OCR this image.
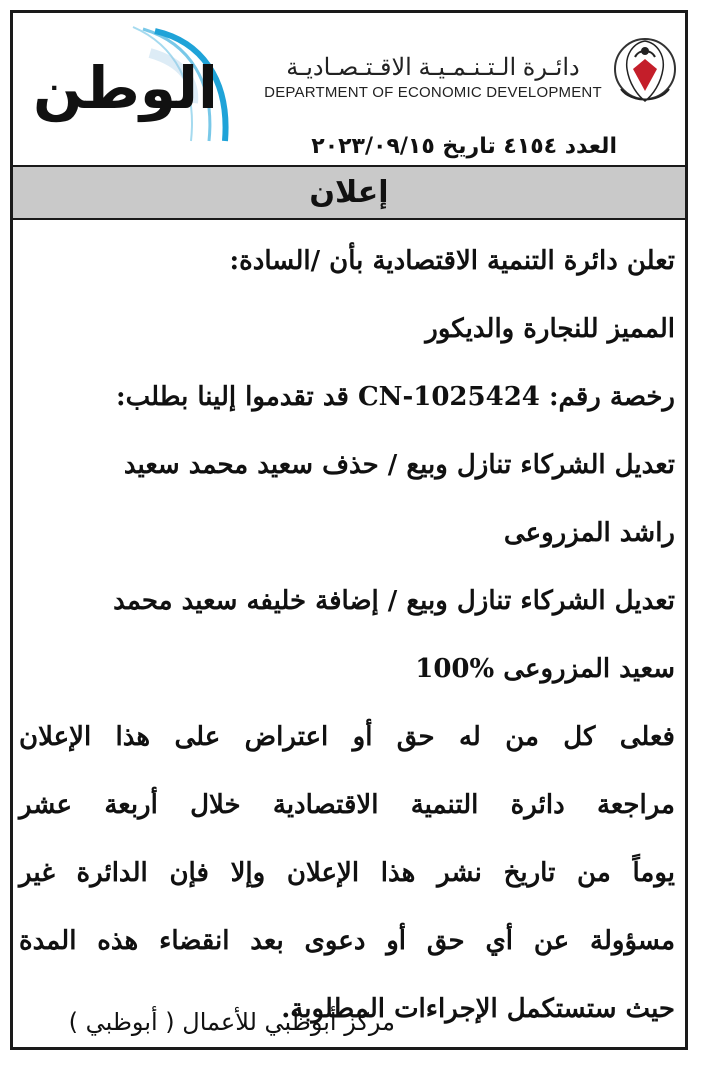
الوطن	دائـرة الـتـنـمـيـة الاقـتـصـاديـة
DEPARTMENT OF ECONOMIC DEVELOPMENT
العدد ٤١٥٤ تاريخ ٢٠٢٣/٠٩/١٥
إعلان
تعلن دائرة التنمية الاقتصادية بأن /السادة:
المميز للنجارة والديكور
رخصة رقم: CN-1025424 قد تقدموا إلينا بطلب:
تعديل الشركاء تنازل وبيع / حذف سعيد محمد سعيد
راشد المزروعى
تعديل الشركاء تنازل وبيع / إضافة خليفه سعيد محمد
سعيد المزروعى 100%
فعلى كل من له حق أو اعتراض على هذا الإعلان
مراجعة دائرة التنمية الاقتصادية خلال أربعة عشر
يوماً من تاريخ نشر هذا الإعلان وإلا فإن الدائرة غير
مسؤولة عن أي حق أو دعوى بعد انقضاء هذه المدة
حيث ستستكمل الإجراءات المطلوبة.
مركز أبوظبي للأعمال ( أبوظبي )
